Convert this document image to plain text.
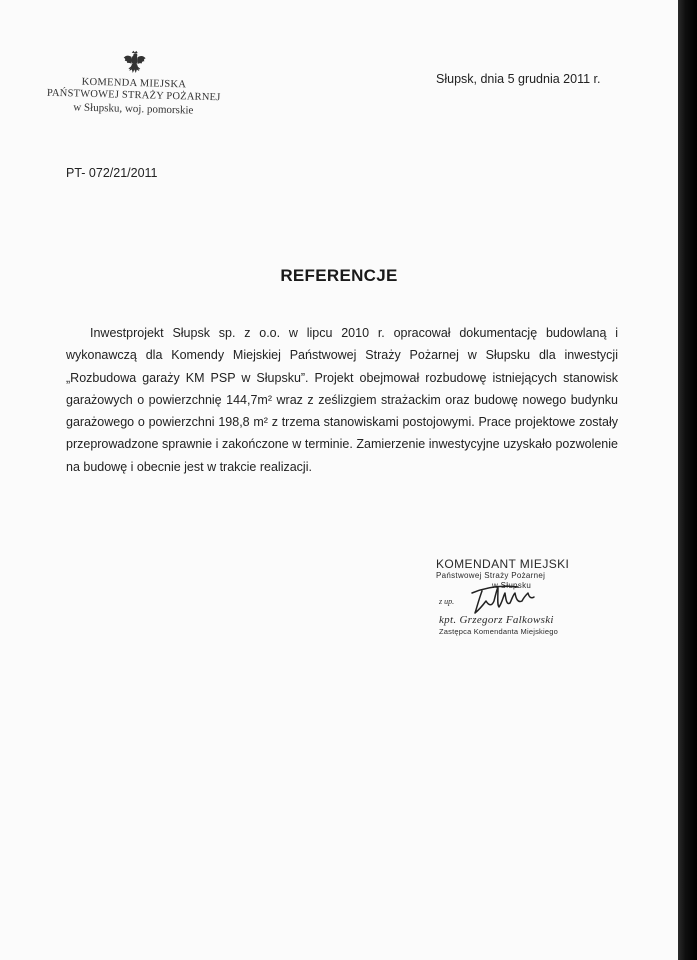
KOMENDA MIEJSKA
PAŃSTWOWEJ STRAŻY POŻARNEJ
w Słupsku, woj. pomorskie
Słupsk, dnia 5 grudnia 2011 r.
PT- 072/21/2011
REFERENCJE

Inwestprojekt Słupsk sp. z o.o. w lipcu 2010 r. opracował dokumentację budowlaną i wykonawczą dla Komendy Miejskiej Państwowej Straży Pożarnej w Słupsku dla inwestycji „Rozbudowa garaży KM PSP w Słupsku”. Projekt obejmował rozbudowę istniejących stanowisk garażowych o powierzchnię 144,7m² wraz z ześlizgiem strażackim oraz budowę nowego budynku garażowego o powierzchni 198,8 m² z trzema stanowiskami postojowymi. Prace projektowe zostały przeprowadzone sprawnie i zakończone w terminie. Zamierzenie inwestycyjne uzyskało pozwolenie na budowę i obecnie jest w trakcie realizacji.

KOMENDANT MIEJSKI
Państwowej Straży Pożarnej
w Słupsku
z up.
kpt. Grzegorz Falkowski
Zastępca Komendanta Miejskiego
